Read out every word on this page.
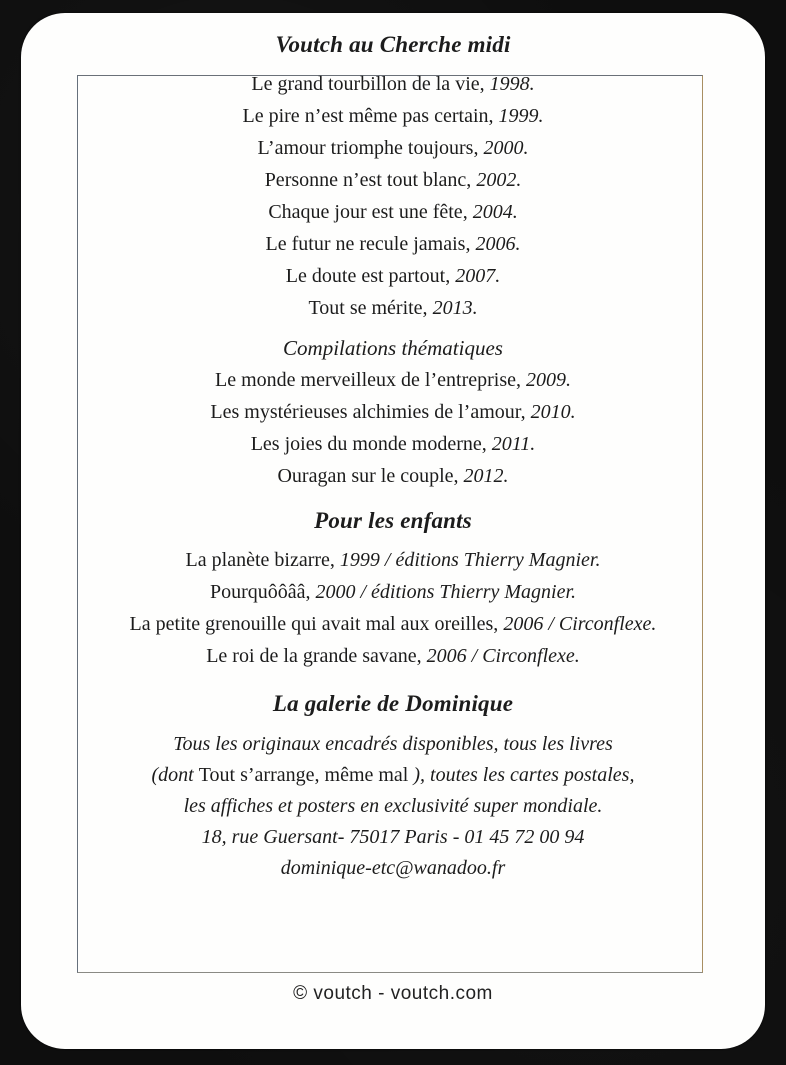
Voutch au Cherche midi
Le grand tourbillon de la vie, 1998.
Le pire n’est même pas certain, 1999.
L’amour triomphe toujours, 2000.
Personne n’est tout blanc, 2002.
Chaque jour est une fête, 2004.
Le futur ne recule jamais, 2006.
Le doute est partout, 2007.
Tout se mérite, 2013.
Compilations thématiques
Le monde merveilleux de l’entreprise, 2009.
Les mystérieuses alchimies de l’amour, 2010.
Les joies du monde moderne, 2011.
Ouragan sur le couple, 2012.
Pour les enfants
La planète bizarre, 1999 / éditions Thierry Magnier.
Pourquôôââ, 2000 / éditions Thierry Magnier.
La petite grenouille qui avait mal aux oreilles, 2006 / Circonflexe.
Le roi de la grande savane, 2006 / Circonflexe.
La galerie de Dominique
Tous les originaux encadrés disponibles, tous les livres
(dont Tout s’arrange, même mal ), toutes les cartes postales,
les affiches et posters en exclusivité super mondiale.
18, rue Guersant- 75017 Paris - 01 45 72 00 94
dominique-etc@wanadoo.fr
© voutch - voutch.com
